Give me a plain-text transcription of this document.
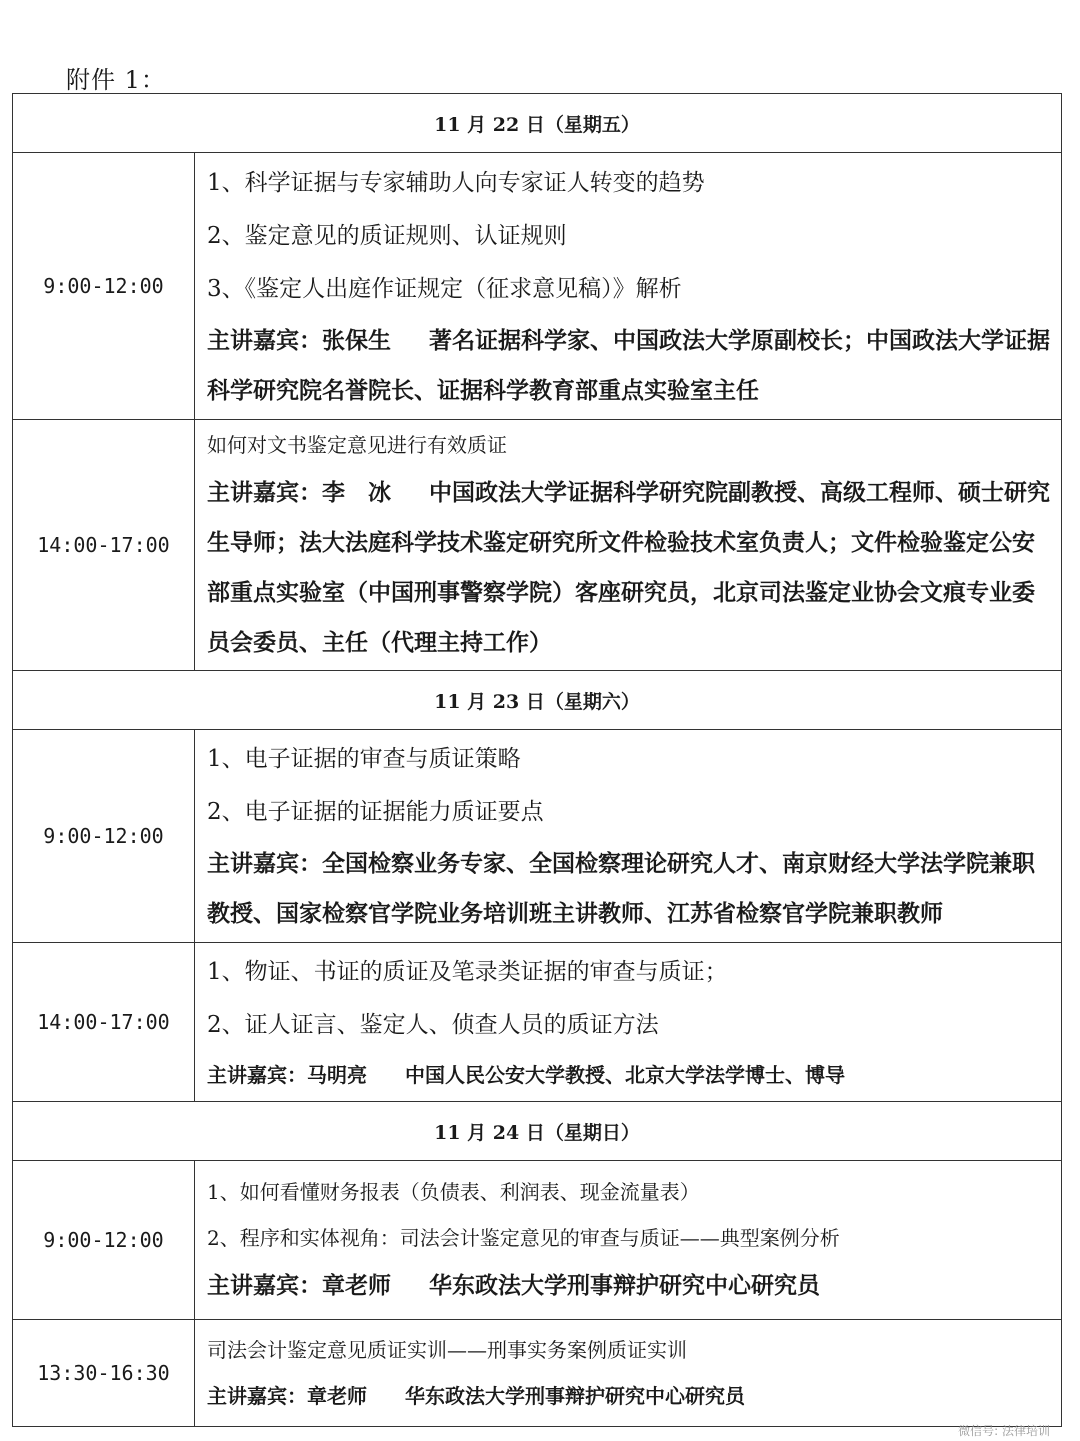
附件 1：
11 月 22 日（星期五）	
9:00-12:00	1、科学证据与专家辅助人向专家证人转变的趋势
2、鉴定意见的质证规则、认证规则
3、《鉴定人出庭作证规定（征求意见稿）》解析
主讲嘉宾：张保生 著名证据科学家、中国政法大学原副校长；中国政法大学证据科学研究院名誉院长、证据科学教育部重点实验室主任

14:00-17:00	如何对文书鉴定意见进行有效质证
主讲嘉宾：李　冰 中国政法大学证据科学研究院副教授、高级工程师、硕士研究生导师；法大法庭科学技术鉴定研究所文件检验技术室负责人；文件检验鉴定公安部重点实验室（中国刑事警察学院）客座研究员，北京司法鉴定业协会文痕专业委员会委员、主任（代理主持工作）

11 月 23 日（星期六）	
9:00-12:00	1、电子证据的审查与质证策略
2、电子证据的证据能力质证要点
主讲嘉宾：全国检察业务专家、全国检察理论研究人才、南京财经大学法学院兼职教授、国家检察官学院业务培训班主讲教师、江苏省检察官学院兼职教师

14:00-17:00	1、物证、书证的质证及笔录类证据的审查与质证；
2、证人证言、鉴定人、侦查人员的质证方法
主讲嘉宾：马明亮 中国人民公安大学教授、北京大学法学博士、博导

11 月 24 日（星期日）	
9:00-12:00	1、如何看懂财务报表（负债表、利润表、现金流量表）
2、程序和实体视角：司法会计鉴定意见的审查与质证——典型案例分析
主讲嘉宾：章老师 华东政法大学刑事辩护研究中心研究员

13:30-16:30	司法会计鉴定意见质证实训——刑事实务案例质证实训
主讲嘉宾：章老师 华东政法大学刑事辩护研究中心研究员
微信号: 法律培训
